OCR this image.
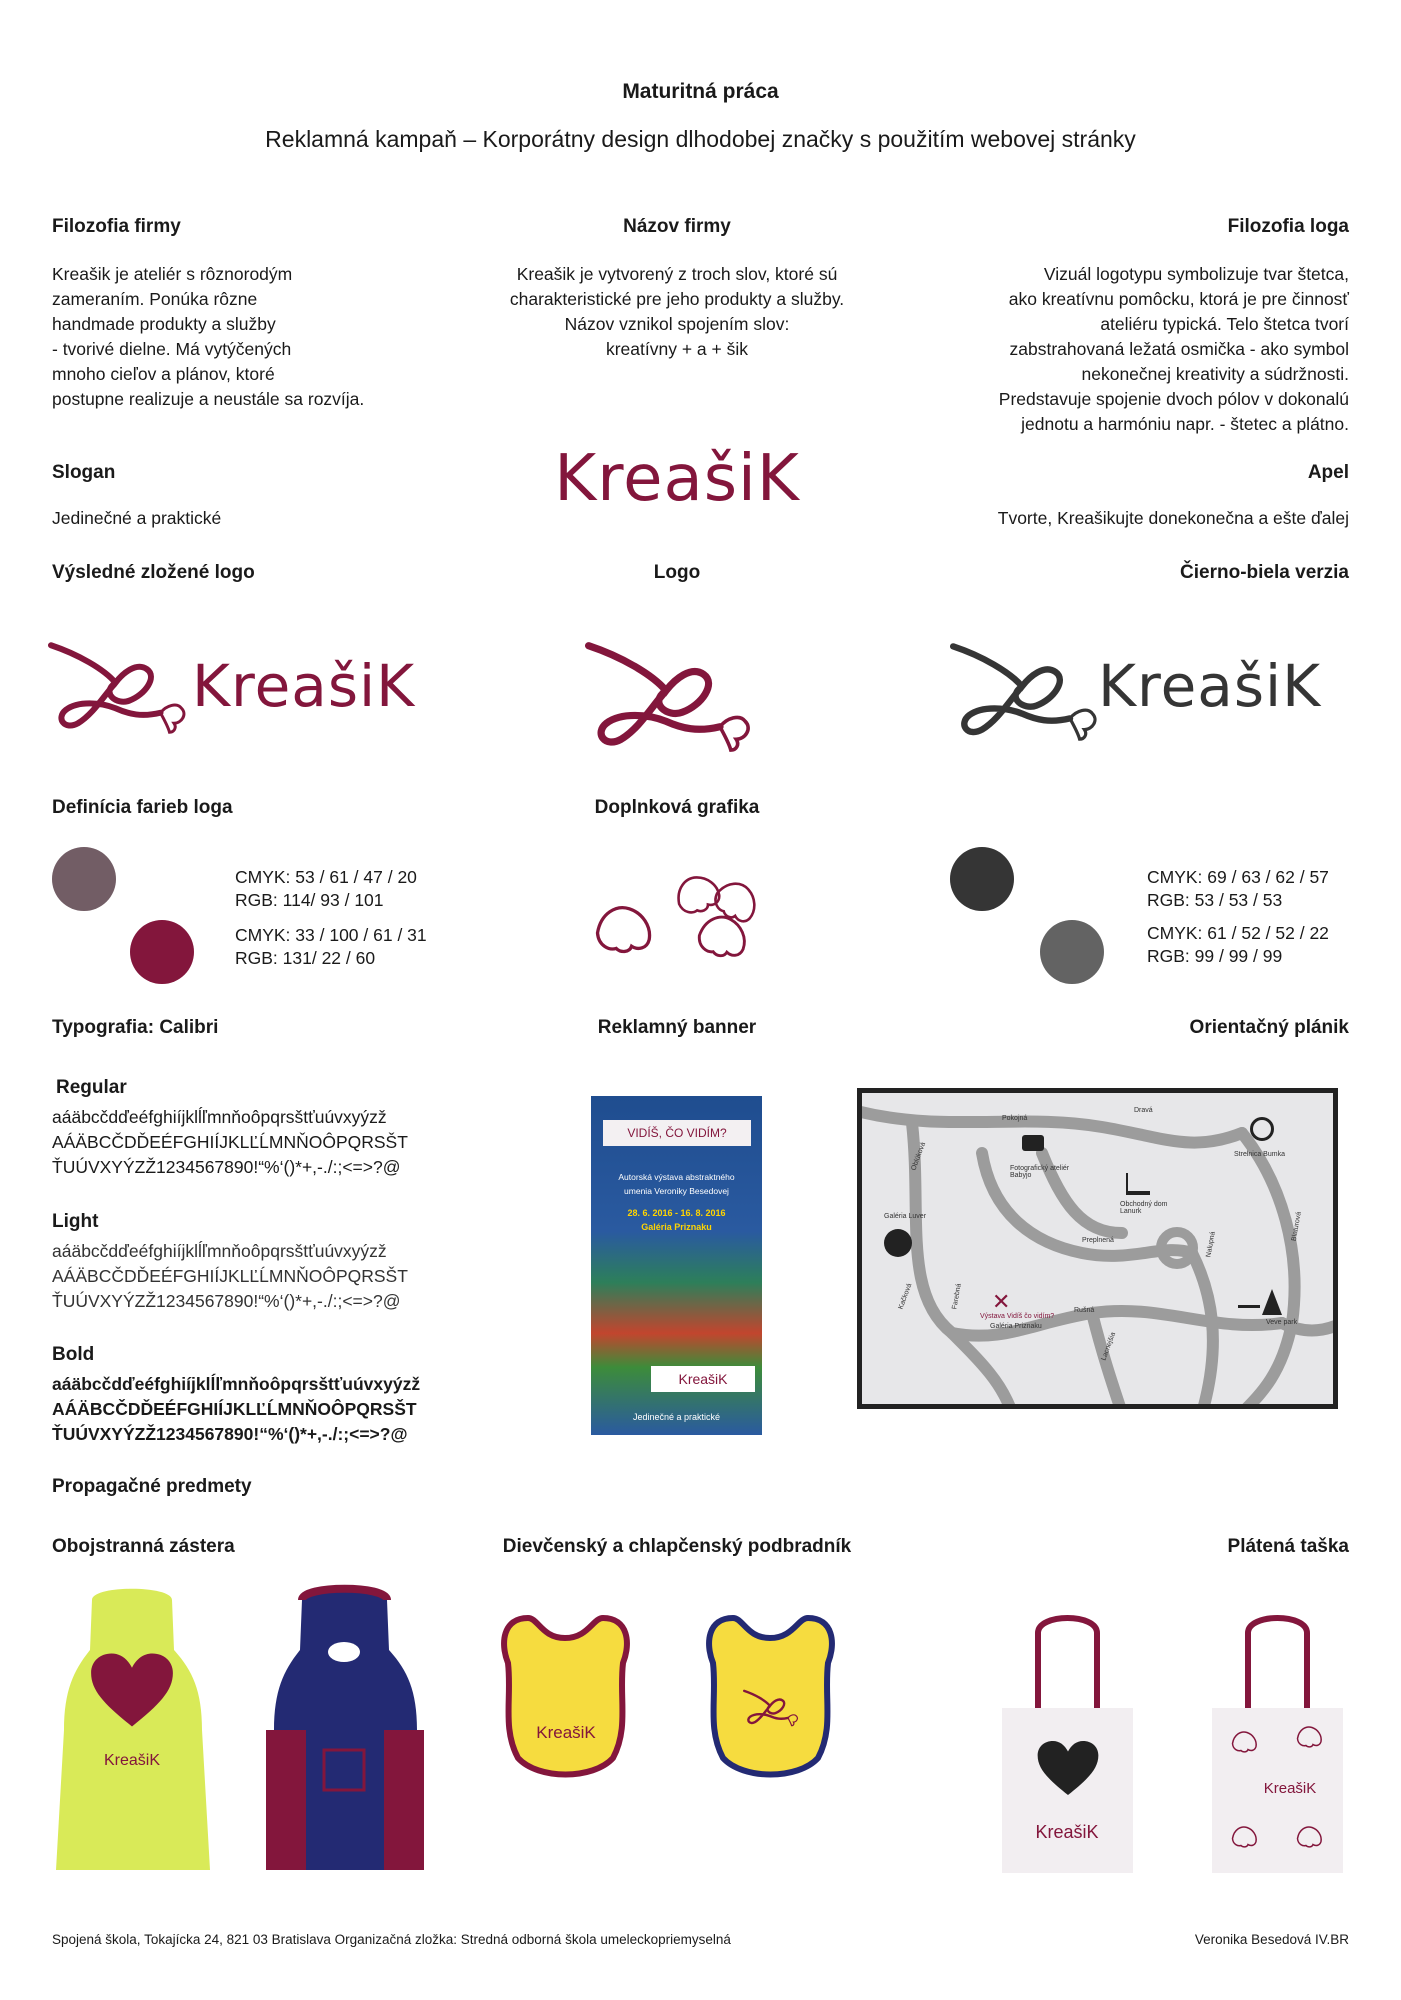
Maturitná práca
Reklamná kampaň – Korporátny design dlhodobej značky s použitím webovej stránky
Filozofia firmy
Kreašik je ateliér s rôznorodým
zameraním. Ponúka rôzne
handmade produkty a služby
- tvorivé dielne. Má vytýčených
mnoho cieľov a plánov, ktoré
postupne realizuje a neustále sa rozvíja.
Názov firmy
Kreašik je vytvorený z troch slov, ktoré sú
charakteristické pre jeho produkty a služby.
Názov vznikol spojením slov:
kreatívny + a + šik
Filozofia loga
Vizuál logotypu symbolizuje tvar štetca,
ako kreatívnu pomôcku, ktorá je pre činnosť
ateliéru typická. Telo štetca tvorí
zabstrahovaná ležatá osmička - ako symbol
nekonečnej kreativity a súdržnosti.
Predstavuje spojenie dvoch pólov v dokonalú
jednotu a harmóniu napr. - štetec a plátno.
Slogan
Jedinečné a praktické
KreašiK	Apel
Tvorte, Kreašikujte donekonečna a ešte ďalej
Výsledné zložené logo	Logo	Čierno-biela verzia
KreašiK	KreašiK
Definícia farieb loga
CMYK: 53 / 61 / 47 / 20
RGB: 114/ 93 / 101
CMYK: 33 / 100 / 61 / 31
RGB: 131/ 22 / 60
Doplnková grafika
CMYK: 69 / 63 / 62 / 57
RGB: 53 / 53 / 53
CMYK: 61 / 52 / 52 / 22
RGB: 99 / 99 / 99
Typografia: Calibri
Regular
aáäbcčdďeéfghiíjklĺľmnňoôpqrsštťuúvxyýzž
AÁÄBCČDĎEÉFGHIÍJKLĽĹMNŇOÔPQRSŠT
ŤUÚVXYÝZŽ1234567890!“%‘()*+,-./:;<=>?@
Light
aáäbcčdďeéfghiíjklĺľmnňoôpqrsštťuúvxyýzž
AÁÄBCČDĎEÉFGHIÍJKLĽĹMNŇOÔPQRSŠT
ŤUÚVXYÝZŽ1234567890!“%‘()*+,-./:;<=>?@
Bold
aáäbcčdďeéfghiíjklĺľmnňoôpqrsštťuúvxyýzž
AÁÄBCČDĎEÉFGHIÍJKLĽĹMNŇOÔPQRSŠT
ŤUÚVXYÝZŽ1234567890!“%‘()*+,-./:;<=>?@
Reklamný banner
VIDÍŠ, ČO VIDÍM?
Autorská výstava abstraktného
umenia Veroniky Besedovej
28. 6. 2016 - 16. 8. 2016
Galéria Priznaku
KreašiK
Jedinečné a praktické
Orientačný plánik
Pokojná
Dravá
Strelnica Bumka
Oblúková	Fotografický ateliér Babyjo
Obchodný dom Lanurk
Galéria Luver
Preplnená	Nalupná
Blaturová
Kačková	Farebná
Výstava Vidíš čo vidím?
Galéria Priznaku
Rušná
Lacnejšia
Veve park
✕
Propagačné predmety
Obojstranná zástera	Dievčenský a chlapčenský podbradník	Plátená taška
KreašiK
KreašiK
KreašiK
KreašiK
Spojená škola, Tokajícka 24, 821 03 Bratislava Organizačná zložka: Stredná odborná škola umeleckopriemyselná	Veronika Besedová IV.BR
